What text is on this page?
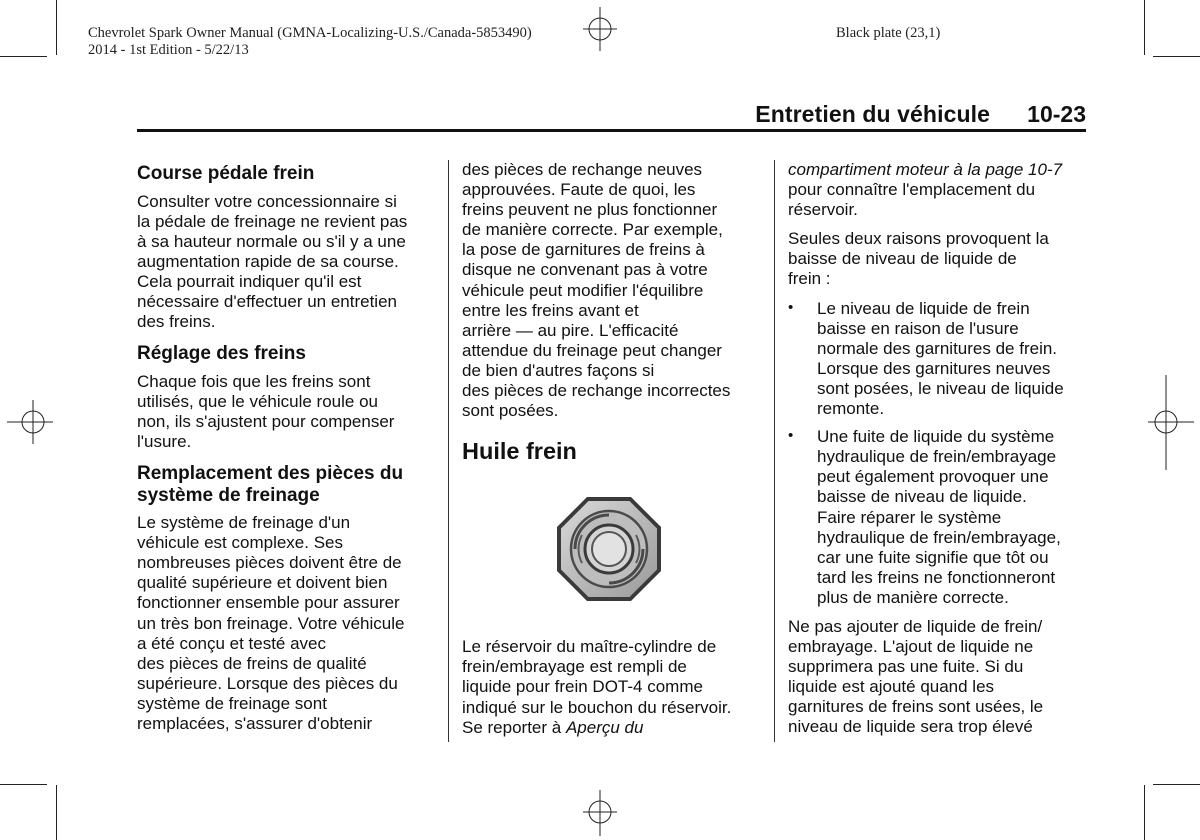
Chevrolet Spark Owner Manual (GMNA-Localizing-U.S./Canada-5853490)
2014 - 1st Edition - 5/22/13
Black plate (23,1)
Entretien du véhicule	10-23
Course pédale frein

Consulter votre concessionnaire si
la pédale de freinage ne revient pas
à sa hauteur normale ou s'il y a une
augmentation rapide de sa course.
Cela pourrait indiquer qu'il est
nécessaire d'effectuer un entretien
des freins.

Réglage des freins

Chaque fois que les freins sont
utilisés, que le véhicule roule ou
non, ils s'ajustent pour compenser
l'usure.

Remplacement des pièces du
système de freinage

Le système de freinage d'un
véhicule est complexe. Ses
nombreuses pièces doivent être de
qualité supérieure et doivent bien
fonctionner ensemble pour assurer
un très bon freinage. Votre véhicule
a été conçu et testé avec
des pièces de freins de qualité
supérieure. Lorsque des pièces du
système de freinage sont
remplacées, s'assurer d'obtenir

des pièces de rechange neuves
approuvées. Faute de quoi, les
freins peuvent ne plus fonctionner
de manière correcte. Par exemple,
la pose de garnitures de freins à
disque ne convenant pas à votre
véhicule peut modifier l'équilibre
entre les freins avant et
arrière — au pire. L'efficacité
attendue du freinage peut changer
de bien d'autres façons si
des pièces de rechange incorrectes
sont posées.

Huile frein

Le réservoir du maître-cylindre de
frein/embrayage est rempli de
liquide pour frein DOT-4 comme
indiqué sur le bouchon du réservoir.
Se reporter à Aperçu du

compartiment moteur à la page 10-7
pour connaître l'emplacement du
réservoir.

Seules deux raisons provoquent la
baisse de niveau de liquide de
frein :

• Le niveau de liquide de frein
baisse en raison de l'usure
normale des garnitures de frein.
Lorsque des garnitures neuves
sont posées, le niveau de liquide
remonte.
• Une fuite de liquide du système
hydraulique de frein/embrayage
peut également provoquer une
baisse de niveau de liquide.
Faire réparer le système
hydraulique de frein/embrayage,
car une fuite signifie que tôt ou
tard les freins ne fonctionneront
plus de manière correcte.

Ne pas ajouter de liquide de frein/
embrayage. L'ajout de liquide ne
supprimera pas une fuite. Si du
liquide est ajouté quand les
garnitures de freins sont usées, le
niveau de liquide sera trop élevé
